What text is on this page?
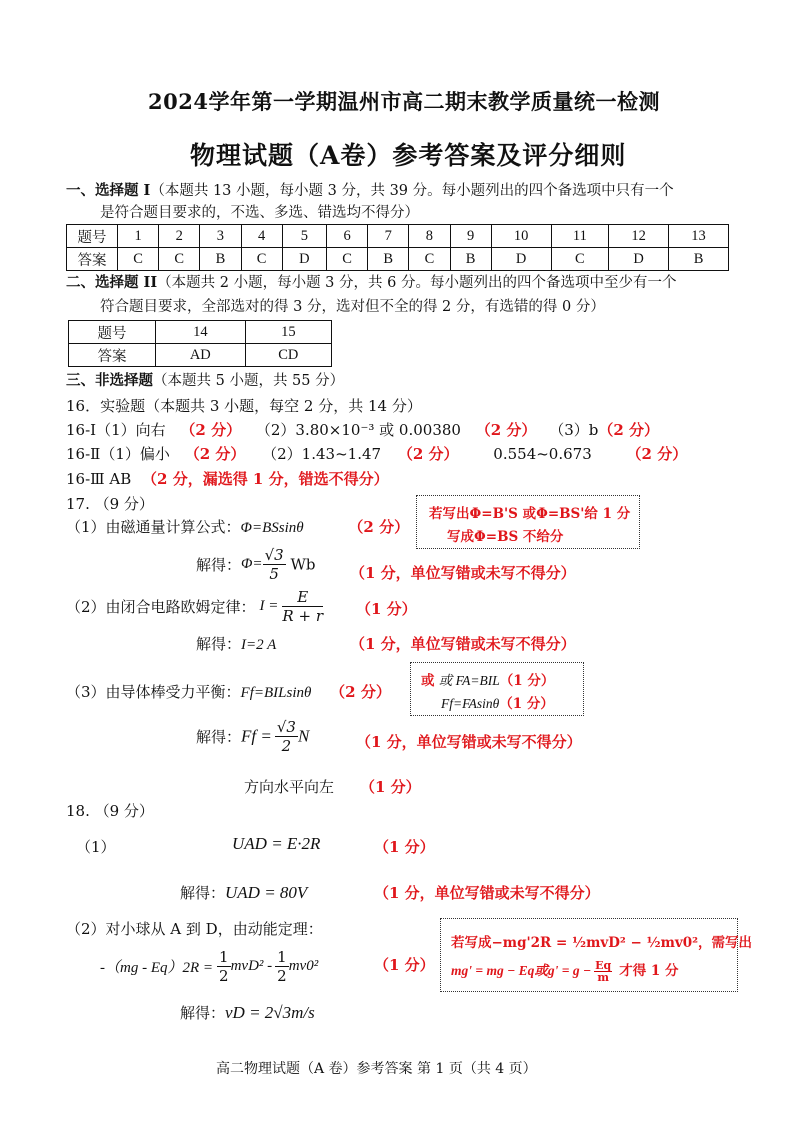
2024学年第一学期温州市高二期末教学质量统一检测
物理试题（A卷）参考答案及评分细则
一、选择题 I（本题共 13 小题，每小题 3 分，共 39 分。每小题列出的四个备选项中只有一个
是符合题目要求的，不选、多选、错选均不得分）
题号	1	2	3	4	5	6	7	8	9	10	11	12	13
答案	C	C	B	C	D	C	B	C	B	D	C	D	B
二、选择题 II（本题共 2 小题，每小题 3 分，共 6 分。每小题列出的四个备选项中至少有一个
符合题目要求，全部选对的得 3 分，选对但不全的得 2 分，有选错的得 0 分）
题号	14	15
答案	AD	CD
三、非选择题（本题共 5 小题，共 55 分）
16．实验题（本题共 3 小题，每空 2 分，共 14 分）
16-Ⅰ（1）向右 （2 分） （2）3.80×10⁻³ 或 0.00380 （2 分） （3）b（2 分）
16-Ⅱ（1）偏小 （2 分） （2）1.43~1.47 （2 分） 0.554~0.673 （2 分）
16-Ⅲ AB （2 分，漏选得 1 分，错选不得分）
17. （9 分）
（1）由磁通量计算公式：Φ=BSsinθ	（2 分）
若写出Φ=B'S 或Φ=BS'给 1 分
写成Φ=BS 不给分
解得：$\Phi= \frac{√3}{5}$ Wb （1 分，单位写错或未写不得分）
（2）由闭合电路欧姆定律： $I = \frac{E}{R + r} (1$ 分）
解得：I=2 A	（1 分，单位写错或未写不得分）
（3）由导体棒受力平衡：Ff=BILsinθ （2 分）
或 或 FA=BIL（1 分）
Ff=FAsinθ（1 分）
解得：$Ff = \frac{√3}{2}$ N	（1 分，单位写错或未写不得分）
方向水平向左 （1 分）
18. （9 分）
（1）	UAD = E·2R	（1 分）
解得：UAD = 80V	（1 分，单位写错或未写不得分）
（2）对小球从 A 到 D，由动能定理：
$-(mg - Eq)2R = \frac{1}{2} mvD^2 - \frac{1}{2} mv0^2$	（1 分）
若写成−mg'2R = ½mvD² − ½mv0²，需写出
mg' = mg − Eq或$g' = g - \frac{Eq}{m}$ 才得 1 分
解得：vD = 2√3m/s
高二物理试题（A 卷）参考答案 第 1 页（共 4 页）
